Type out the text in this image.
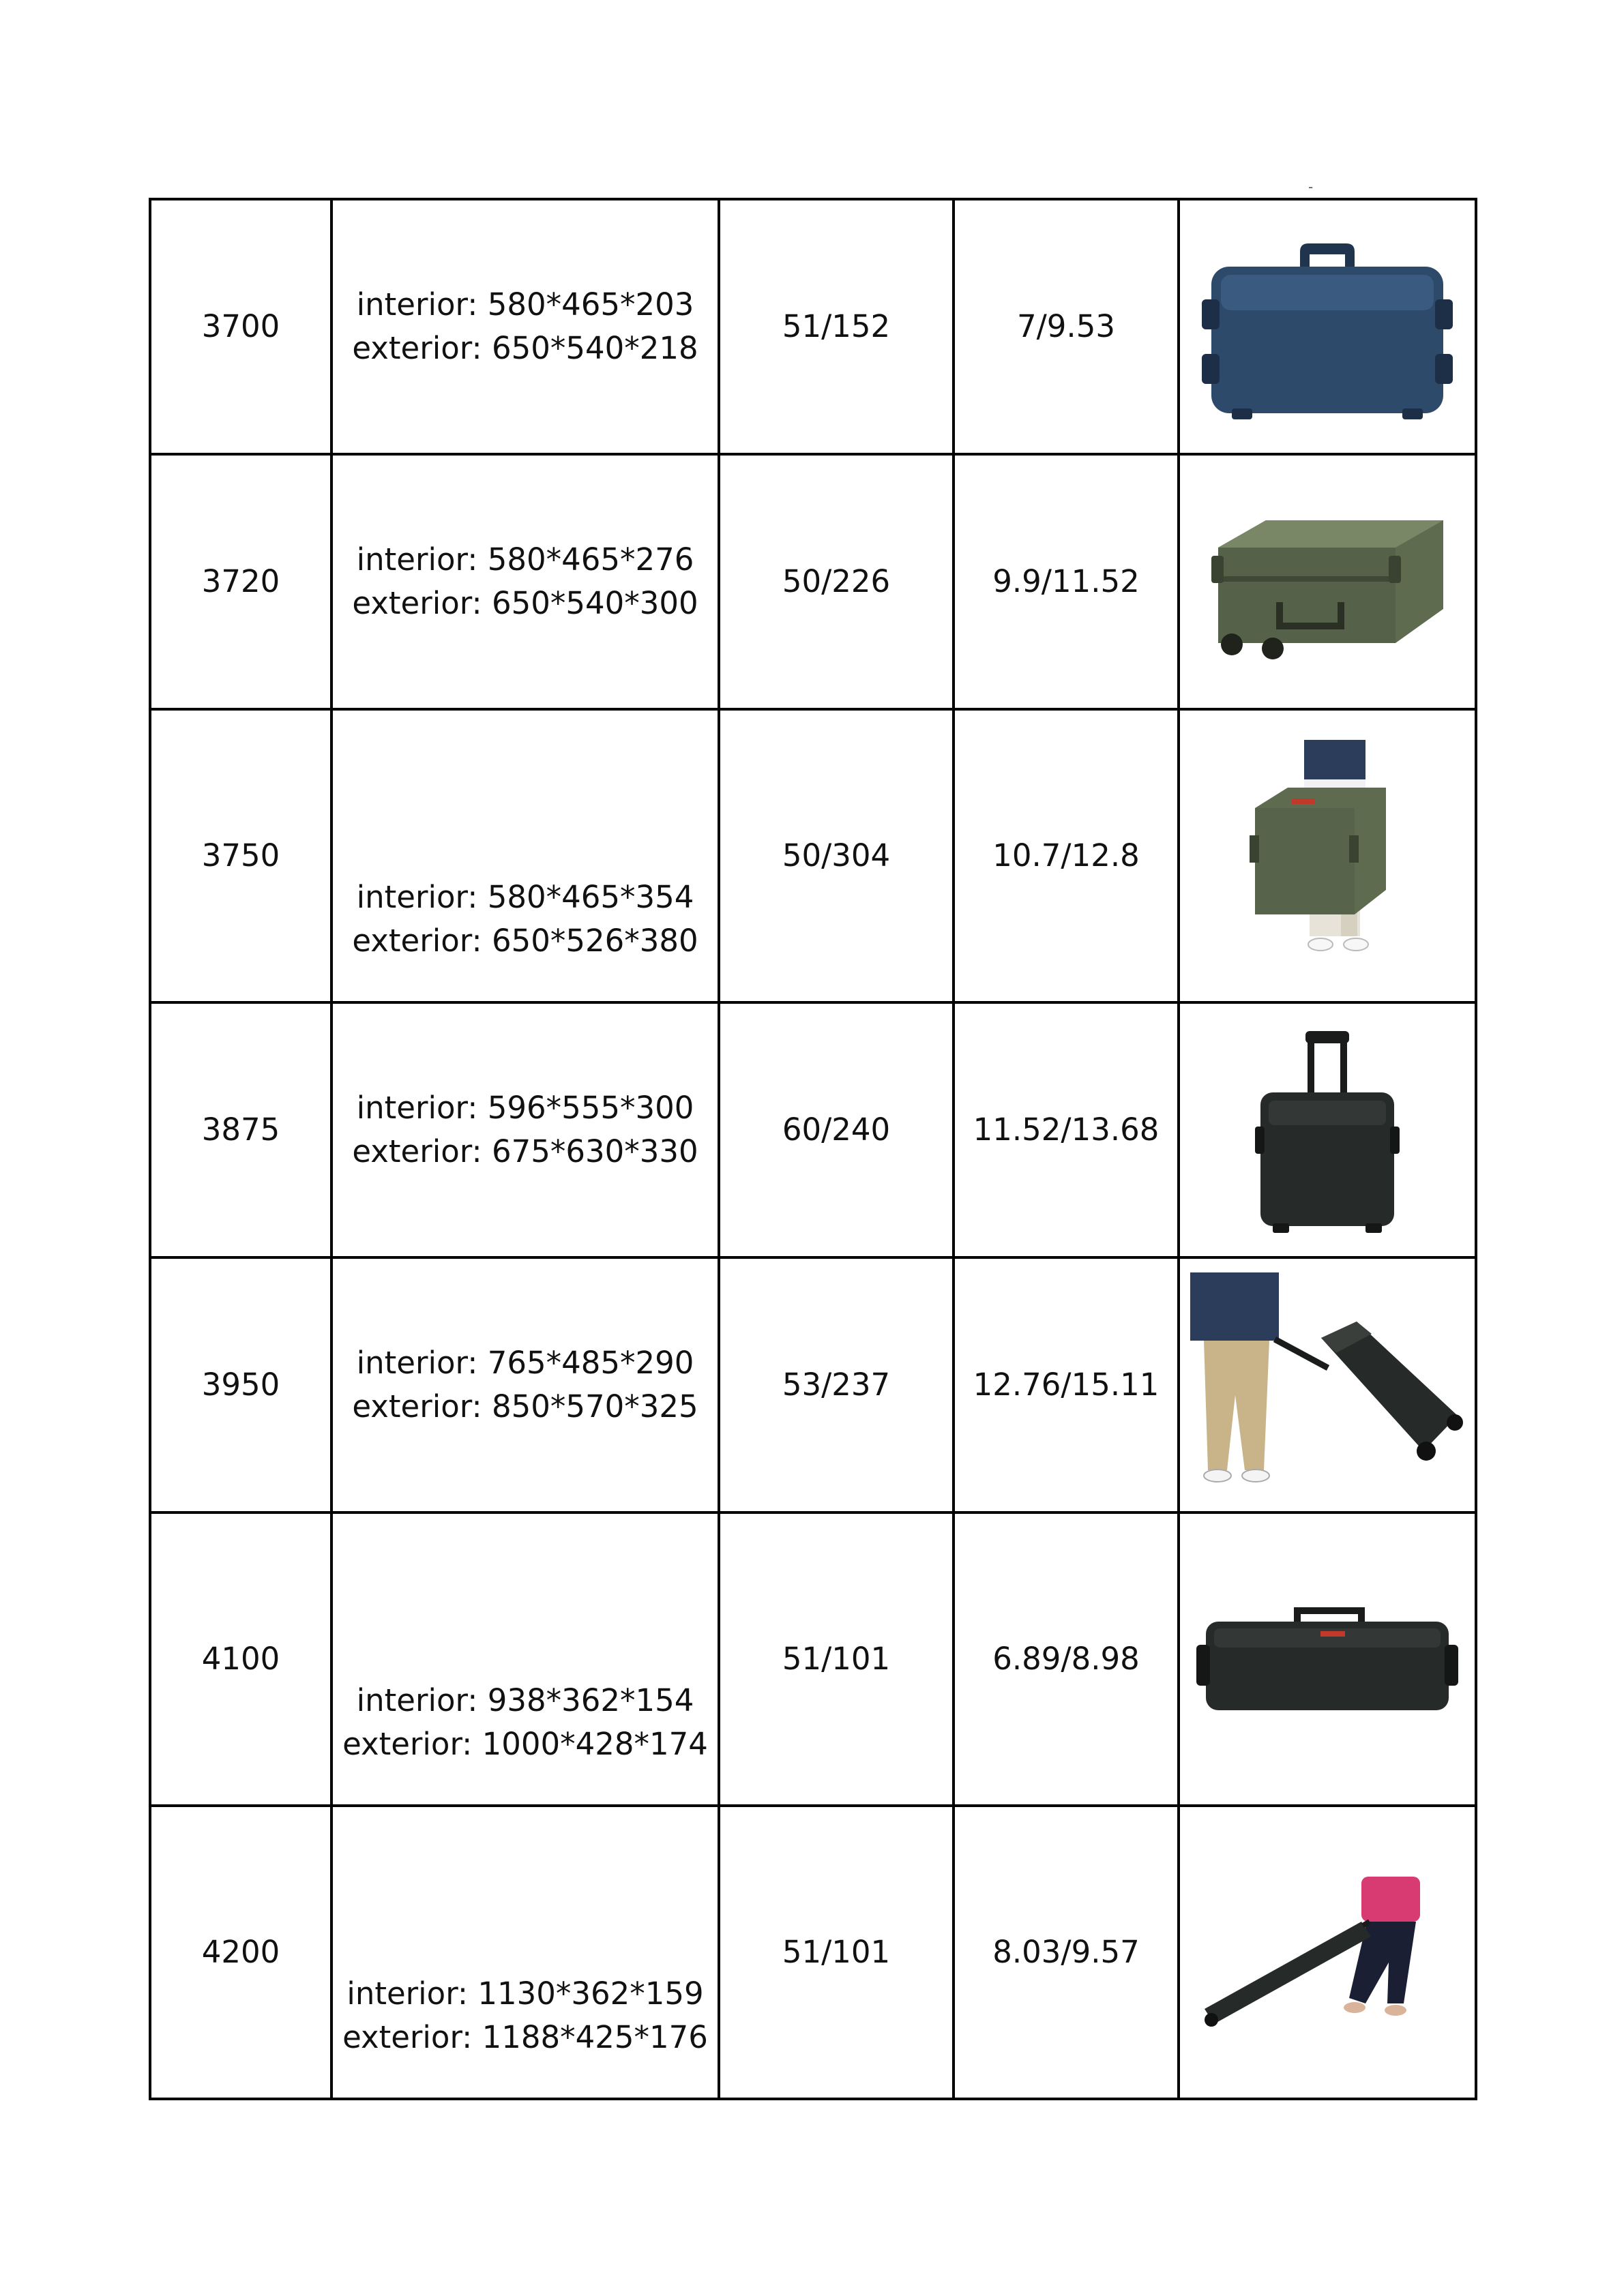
-
3700	interior: 580*465*203
exterior: 650*540*218	51/152	7/9.53	

3720	interior: 580*465*276
exterior: 650*540*300	50/226	9.9/11.52	

3750	interior: 580*465*354
exterior: 650*526*380	50/304	10.7/12.8	

3875	interior: 596*555*300
exterior: 675*630*330	60/240	11.52/13.68	

3950	interior: 765*485*290
exterior: 850*570*325	53/237	12.76/15.11	

4100	interior: 938*362*154
exterior: 1000*428*174	51/101	6.89/8.98	

4200	interior: 1130*362*159
exterior: 1188*425*176	51/101	8.03/9.57	
